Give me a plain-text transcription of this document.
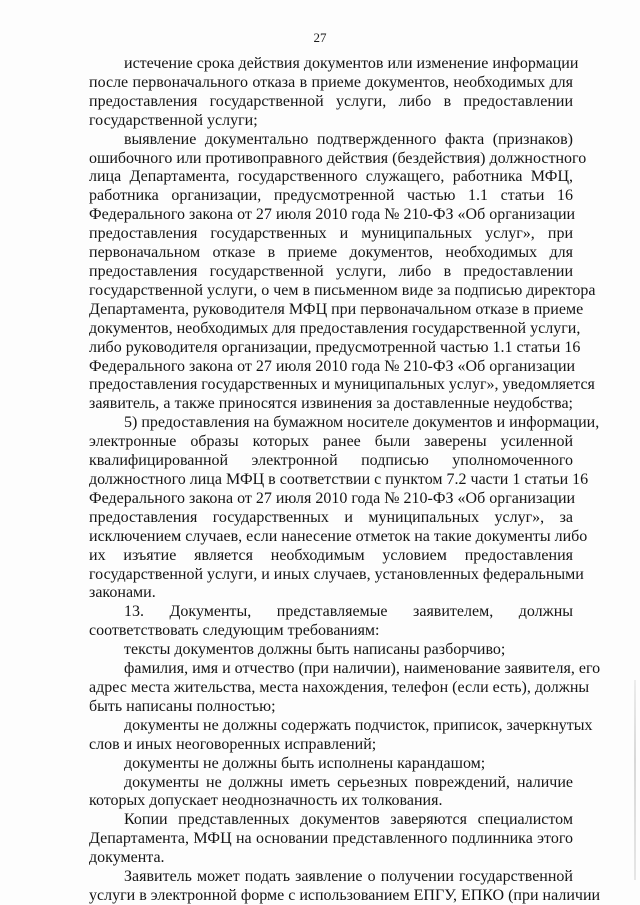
27
истечение срока действия документов или изменение информации
после первоначального отказа в приеме документов, необходимых для
предоставления государственной услуги, либо в предоставлении
государственной услуги;
выявление документально подтвержденного факта (признаков)
ошибочного или противоправного действия (бездействия) должностного
лица Департамента, государственного служащего, работника МФЦ,
работника организации, предусмотренной частью 1.1 статьи 16
Федерального закона от 27 июля 2010 года № 210-ФЗ «Об организации
предоставления государственных и муниципальных услуг», при
первоначальном отказе в приеме документов, необходимых для
предоставления государственной услуги, либо в предоставлении
государственной услуги, о чем в письменном виде за подписью директора
Департамента, руководителя МФЦ при первоначальном отказе в приеме
документов, необходимых для предоставления государственной услуги,
либо руководителя организации, предусмотренной частью 1.1 статьи 16
Федерального закона от 27 июля 2010 года № 210-ФЗ «Об организации
предоставления государственных и муниципальных услуг», уведомляется
заявитель, а также приносятся извинения за доставленные неудобства;
5) предоставления на бумажном носителе документов и информации,
электронные образы которых ранее были заверены усиленной
квалифицированной электронной подписью уполномоченного
должностного лица МФЦ в соответствии с пунктом 7.2 части 1 статьи 16
Федерального закона от 27 июля 2010 года № 210-ФЗ «Об организации
предоставления государственных и муниципальных услуг», за
исключением случаев, если нанесение отметок на такие документы либо
их изъятие является необходимым условием предоставления
государственной услуги, и иных случаев, установленных федеральными
законами.
13. Документы, представляемые заявителем, должны
соответствовать следующим требованиям:
тексты документов должны быть написаны разборчиво;
фамилия, имя и отчество (при наличии), наименование заявителя, его
адрес места жительства, места нахождения, телефон (если есть), должны
быть написаны полностью;
документы не должны содержать подчисток, приписок, зачеркнутых
слов и иных неоговоренных исправлений;
документы не должны быть исполнены карандашом;
документы не должны иметь серьезных повреждений, наличие
которых допускает неоднозначность их толкования.
Копии представленных документов заверяются специалистом
Департамента, МФЦ на основании представленного подлинника этого
документа.
Заявитель может подать заявление о получении государственной
услуги в электронной форме с использованием ЕПГУ, ЕПКО (при наличии
